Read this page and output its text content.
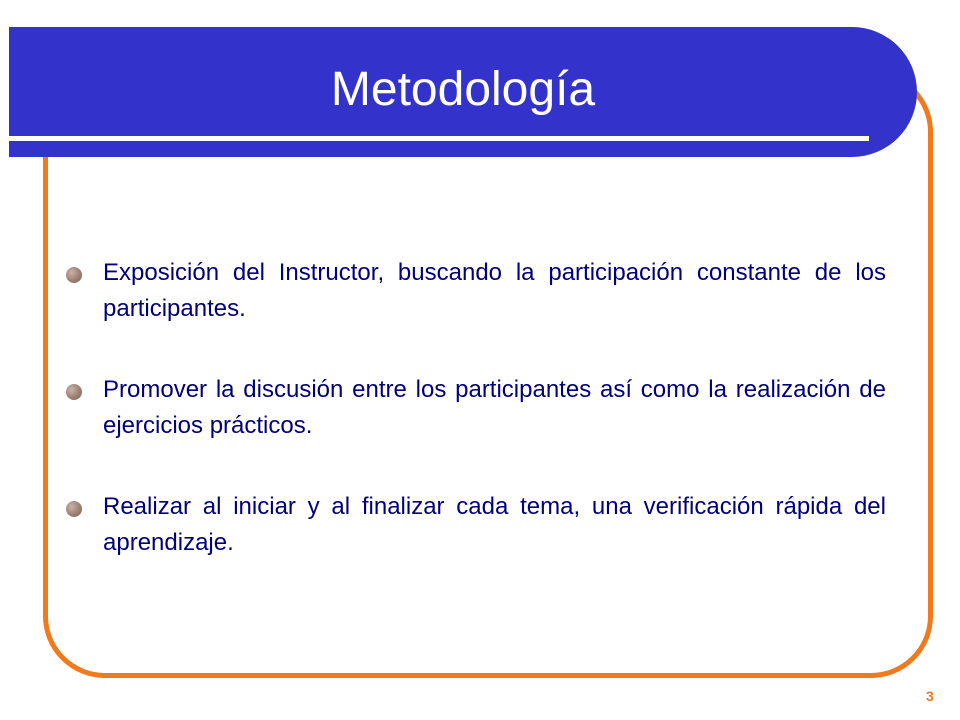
Metodología
Exposición del Instructor, buscando la participación constante de los participantes.
Promover la discusión entre los participantes así como la realización de ejercicios prácticos.
Realizar al iniciar y al finalizar cada tema, una verificación rápida del aprendizaje.
3
